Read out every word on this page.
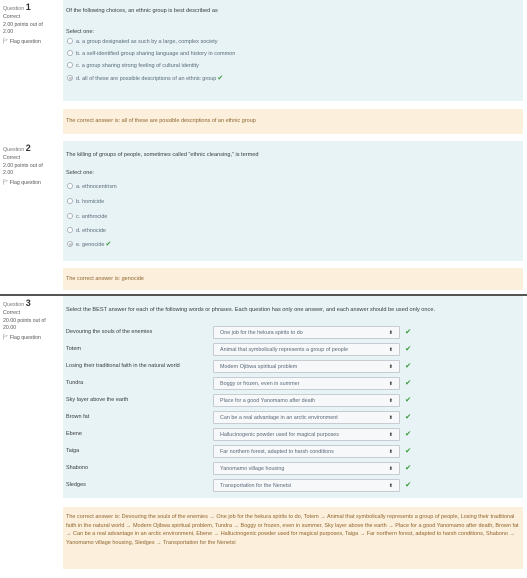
Question 1
Correct
2.00 points out of 2.00
🏱︎ Flag question
Of the following choices, an ethnic group is best described as
Select one:
a. a group designated as such by a large, complex society
b. a self-identified group sharing language and history in common
c. a group sharing strong feeling of cultural identity
d. all of these are possible descriptions of an ethnic group✔
The correct answer is: all of these are possible descriptions of an ethnic group
Question 2
Correct
2.00 points out of 2.00
🏱︎ Flag question
The killing of groups of people, sometimes called “ethnic cleansing,” is termed
Select one:
a. ethnocentrism
b. homicide
c. anthrocide
d. ethnocide
e. genocide✔
The correct answer is: genocide
Question 3
Correct
20.00 points out of 20.00
🏱︎ Flag question
Select the BEST answer for each of the following words or phrases. Each question has only one answer, and each answer should be used only once.
Devouring the souls of the enemies	One job for the hekura spirits to do	⬍ ✔
Totem	Animal that symbolically represents a group of people	⬍ ✔
Losing their traditional faith in the natural world	Modern Ojibwa spiritual problem	⬍ ✔
Tundra	Boggy or frozen, even in summer	⬍ ✔
Sky layer above the earth	Place for a good Yanomamo after death	⬍ ✔
Brown fat	Can be a real advantage in an arctic environment	⬍ ✔
Ebene	Hallucinogenic powder used for magical purposes	⬍ ✔
Taiga	Far northern forest, adapted to harsh conditions	⬍ ✔
Shabono	Yanomamo village housing	⬍ ✔
Sledges	Transportation for the Nenetsi	⬍ ✔
The correct answer is: Devouring the souls of the enemies → One job for the hekura spirits to do, Totem → Animal that symbolically represents a group of people, Losing their traditional faith in the natural world → Modern Ojibwa spiritual problem, Tundra → Boggy or frozen, even in summer, Sky layer above the earth → Place for a good Yanomamo after death, Brown fat → Can be a real advantage in an arctic environment, Ebene → Hallucinogenic powder used for magical purposes, Taiga → Far northern forest, adapted to harsh conditions, Shabono → Yanomamo village housing, Sledges → Transportation for the Nenetsi
